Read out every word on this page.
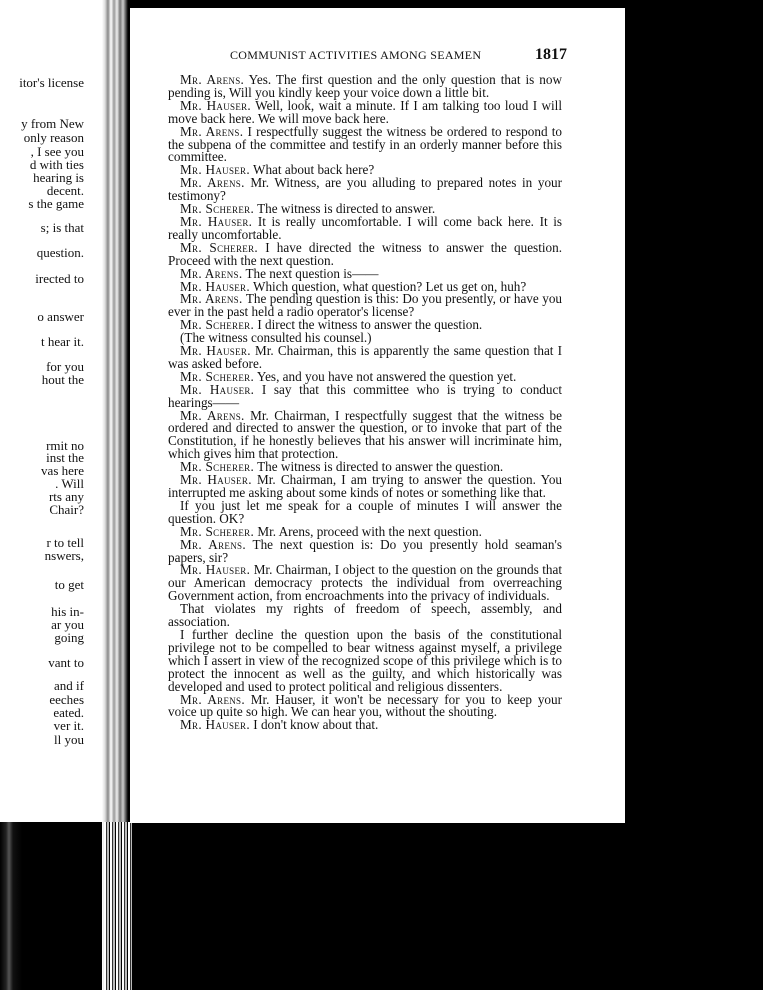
itor's license
y from New
only reason
, I see you
d with ties
hearing is
decent.
s the game
s; is that
question.
irected to
o answer
t hear it.
for you
hout the
rmit no
inst the
vas here
. Will
rts any
Chair?
r to tell
nswers,
to get
his in-
ar you
going
vant to
and if
eeches
eated.
ver it.
ll you
COMMUNIST ACTIVITIES AMONG SEAMEN	1817

Mr. Arens. Yes. The first question and the only question that is now pending is, Will you kindly keep your voice down a little bit.

Mr. Hauser. Well, look, wait a minute. If I am talking too loud I will move back here. We will move back here.

Mr. Arens. I respectfully suggest the witness be ordered to respond to the subpena of the committee and testify in an orderly manner before this committee.

Mr. Hauser. What about back here?

Mr. Arens. Mr. Witness, are you alluding to prepared notes in your testimony?

Mr. Scherer. The witness is directed to answer.

Mr. Hauser. It is really uncomfortable. I will come back here. It is really uncomfortable.

Mr. Scherer. I have directed the witness to answer the question. Proceed with the next question.

Mr. Arens. The next question is——

Mr. Hauser. Which question, what question? Let us get on, huh?

Mr. Arens. The pending question is this: Do you presently, or have you ever in the past held a radio operator's license?

Mr. Scherer. I direct the witness to answer the question.

(The witness consulted his counsel.)

Mr. Hauser. Mr. Chairman, this is apparently the same question that I was asked before.

Mr. Scherer. Yes, and you have not answered the question yet.

Mr. Hauser. I say that this committee who is trying to conduct hearings——

Mr. Arens. Mr. Chairman, I respectfully suggest that the witness be ordered and directed to answer the question, or to invoke that part of the Constitution, if he honestly believes that his answer will incriminate him, which gives him that protection.

Mr. Scherer. The witness is directed to answer the question.

Mr. Hauser. Mr. Chairman, I am trying to answer the question. You interrupted me asking about some kinds of notes or something like that.

If you just let me speak for a couple of minutes I will answer the question. OK?

Mr. Scherer. Mr. Arens, proceed with the next question.

Mr. Arens. The next question is: Do you presently hold seaman's papers, sir?

Mr. Hauser. Mr. Chairman, I object to the question on the grounds that our American democracy protects the individual from overreaching Government action, from encroachments into the privacy of individuals.

That violates my rights of freedom of speech, assembly, and association.

I further decline the question upon the basis of the constitutional privilege not to be compelled to bear witness against myself, a privilege which I assert in view of the recognized scope of this privilege which is to protect the innocent as well as the guilty, and which historically was developed and used to protect political and religious dissenters.

Mr. Arens. Mr. Hauser, it won't be necessary for you to keep your voice up quite so high. We can hear you, without the shouting.

Mr. Hauser. I don't know about that.
